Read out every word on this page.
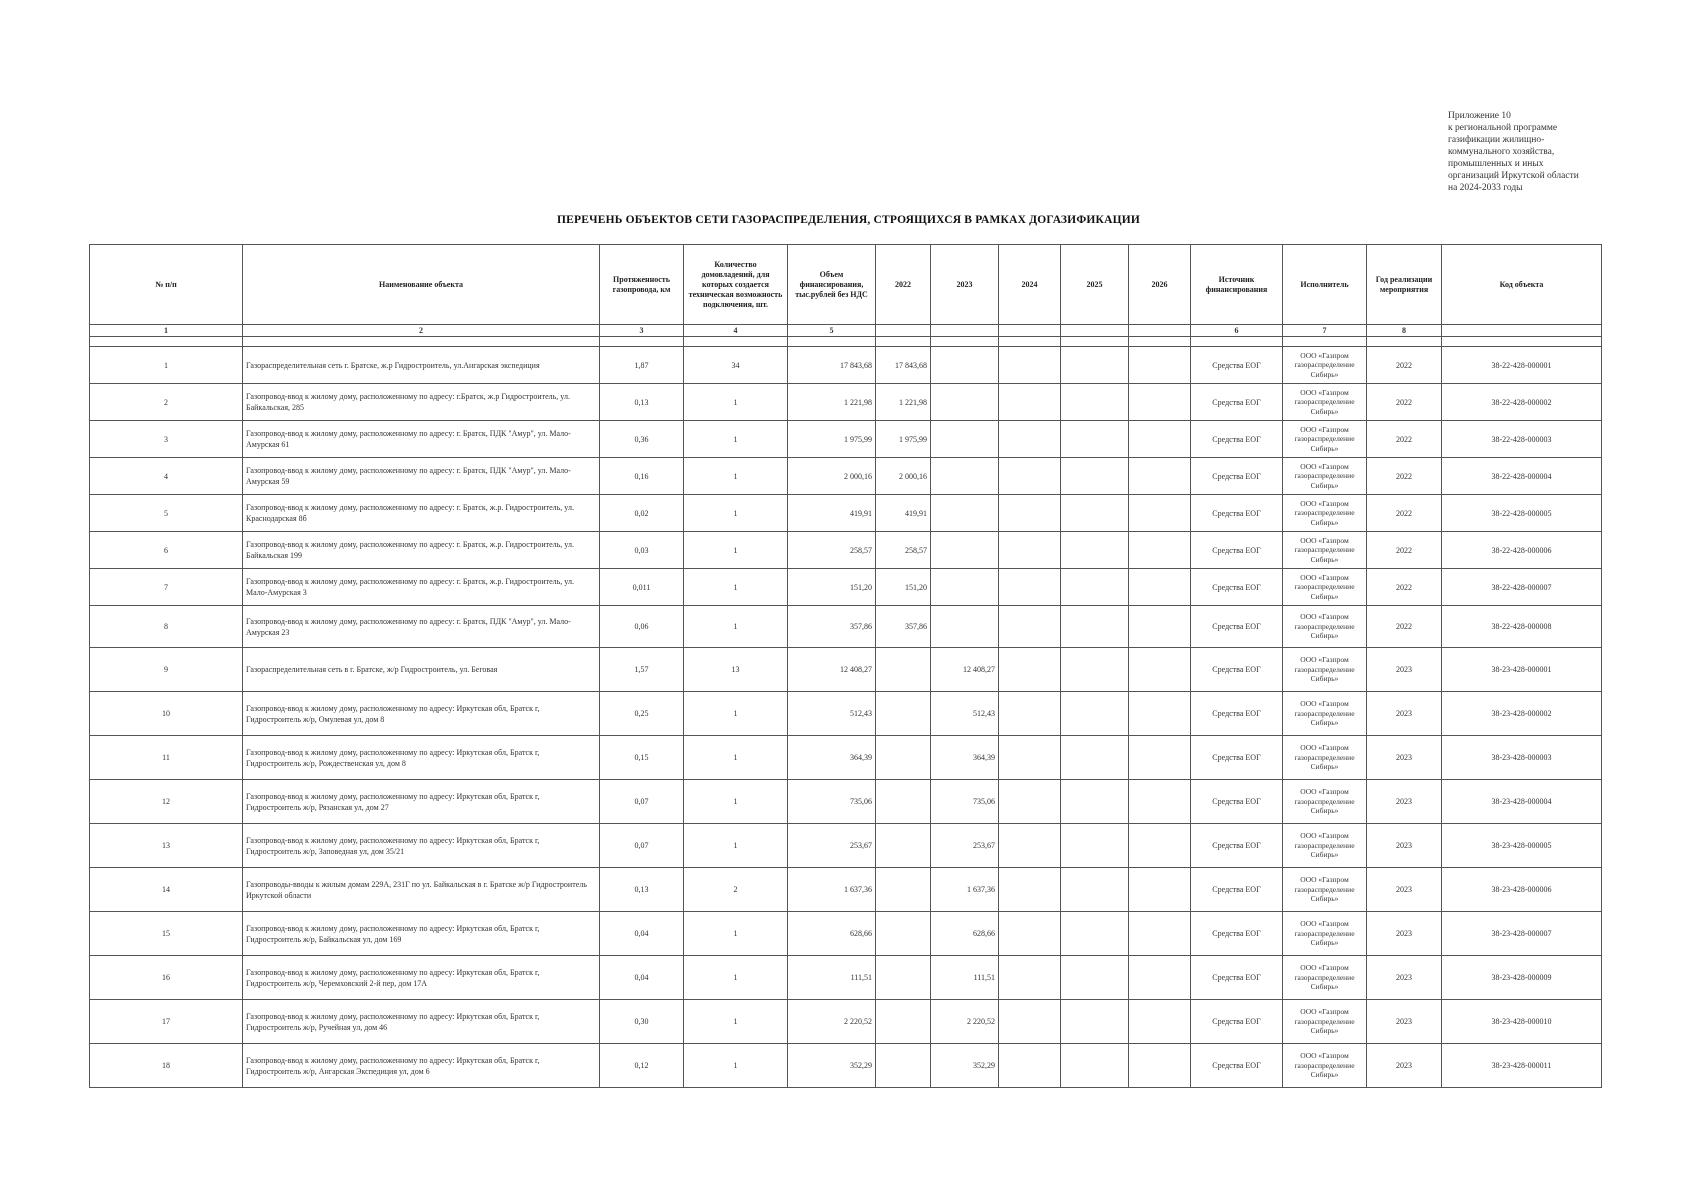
Приложение 10
к региональной программе
газификации жилищно-
коммунального хозяйства,
промышленных и иных
организаций Иркутской области
на 2024-2033 годы
ПЕРЕЧЕНЬ ОБЪЕКТОВ СЕТИ ГАЗОРАСПРЕДЕЛЕНИЯ, СТРОЯЩИХСЯ В РАМКАХ ДОГАЗИФИКАЦИИ
№ п/п	Наименование объекта	Протяженность газопровода, км	Количество домовладений, для которых создается техническая возможность подключения, шт.	Объем финансирования, тыс.рублей без НДС	2022	2023	2024	2025	2026	Источник финансирования	Исполнитель	Год реализации мероприятия	Код объекта
1	2	3	4	5						6	7	8	

1	Газораспределительная сеть г. Братске, ж.р Гидростроитель, ул.Ангарская экспедиция	1,87	34	17 843,68	17 843,68					Средства ЕОГ	ООО «Газпром газораспределение Сибирь»	2022	38-22-428-000001
2	Газопровод-ввод к жилому дому, расположенному по адресу: г.Братск, ж.р Гидростроитель, ул. Байкальская, 285	0,13	1	1 221,98	1 221,98					Средства ЕОГ	ООО «Газпром газораспределение Сибирь»	2022	38-22-428-000002
3	Газопровод-ввод к жилому дому, расположенному по адресу: г. Братск, ПДК "Амур", ул. Мало-Амурская 61	0,36	1	1 975,99	1 975,99					Средства ЕОГ	ООО «Газпром газораспределение Сибирь»	2022	38-22-428-000003
4	Газопровод-ввод к жилому дому, расположенному по адресу: г. Братск, ПДК "Амур", ул. Мало-Амурская 59	0,16	1	2 000,16	2 000,16					Средства ЕОГ	ООО «Газпром газораспределение Сибирь»	2022	38-22-428-000004
5	Газопровод-ввод к жилому дому, расположенному по адресу: г. Братск, ж.р. Гидростроитель, ул. Краснодарская 8б	0,02	1	419,91	419,91					Средства ЕОГ	ООО «Газпром газораспределение Сибирь»	2022	38-22-428-000005
6	Газопровод-ввод к жилому дому, расположенному по адресу: г. Братск, ж.р. Гидростроитель, ул. Байкальская 199	0,03	1	258,57	258,57					Средства ЕОГ	ООО «Газпром газораспределение Сибирь»	2022	38-22-428-000006
7	Газопровод-ввод к жилому дому, расположенному по адресу: г. Братск, ж.р. Гидростроитель, ул. Мало-Амурская 3	0,011	1	151,20	151,20					Средства ЕОГ	ООО «Газпром газораспределение Сибирь»	2022	38-22-428-000007
8	Газопровод-ввод к жилому дому, расположенному по адресу: г. Братск, ПДК "Амур", ул. Мало-Амурская 23	0,06	1	357,86	357,86					Средства ЕОГ	ООО «Газпром газораспределение Сибирь»	2022	38-22-428-000008
9	Газораспределительная сеть в г. Братске, ж/р Гидростроитель, ул. Беговая	1,57	13	12 408,27		12 408,27				Средства ЕОГ	ООО «Газпром газораспределение Сибирь»	2023	38-23-428-000001
10	Газопровод-ввод к жилому дому, расположенному по адресу: Иркутская обл, Братск г, Гидростроитель ж/р, Омулевая ул, дом 8	0,25	1	512,43		512,43				Средства ЕОГ	ООО «Газпром газораспределение Сибирь»	2023	38-23-428-000002
11	Газопровод-ввод к жилому дому, расположенному по адресу: Иркутская обл, Братск г, Гидростроитель ж/р, Рождественская ул, дом 8	0,15	1	364,39		364,39				Средства ЕОГ	ООО «Газпром газораспределение Сибирь»	2023	38-23-428-000003
12	Газопровод-ввод к жилому дому, расположенному по адресу: Иркутская обл, Братск г, Гидростроитель ж/р, Рязанская ул, дом 27	0,07	1	735,06		735,06				Средства ЕОГ	ООО «Газпром газораспределение Сибирь»	2023	38-23-428-000004
13	Газопровод-ввод к жилому дому, расположенному по адресу: Иркутская обл, Братск г, Гидростроитель ж/р, Заповедная ул, дом 35/21	0,07	1	253,67		253,67				Средства ЕОГ	ООО «Газпром газораспределение Сибирь»	2023	38-23-428-000005
14	Газопроводы-вводы к жилым домам 229А, 231Г по ул. Байкальская в г. Братске ж/р Гидростроитель Иркутской области	0,13	2	1 637,36		1 637,36				Средства ЕОГ	ООО «Газпром газораспределение Сибирь»	2023	38-23-428-000006
15	Газопровод-ввод к жилому дому, расположенному по адресу: Иркутская обл, Братск г, Гидростроитель ж/р, Байкальская ул, дом 169	0,04	1	628,66		628,66				Средства ЕОГ	ООО «Газпром газораспределение Сибирь»	2023	38-23-428-000007
16	Газопровод-ввод к жилому дому, расположенному по адресу: Иркутская обл, Братск г, Гидростроитель ж/р, Черемховский 2-й пер, дом 17А	0,04	1	111,51		111,51				Средства ЕОГ	ООО «Газпром газораспределение Сибирь»	2023	38-23-428-000009
17	Газопровод-ввод к жилому дому, расположенному по адресу: Иркутская обл, Братск г, Гидростроитель ж/р, Ручейная ул, дом 46	0,30	1	2 220,52		2 220,52				Средства ЕОГ	ООО «Газпром газораспределение Сибирь»	2023	38-23-428-000010
18	Газопровод-ввод к жилому дому, расположенному по адресу: Иркутская обл, Братск г, Гидростроитель ж/р, Ангарская Экспедиция ул, дом 6	0,12	1	352,29		352,29				Средства ЕОГ	ООО «Газпром газораспределение Сибирь»	2023	38-23-428-000011
